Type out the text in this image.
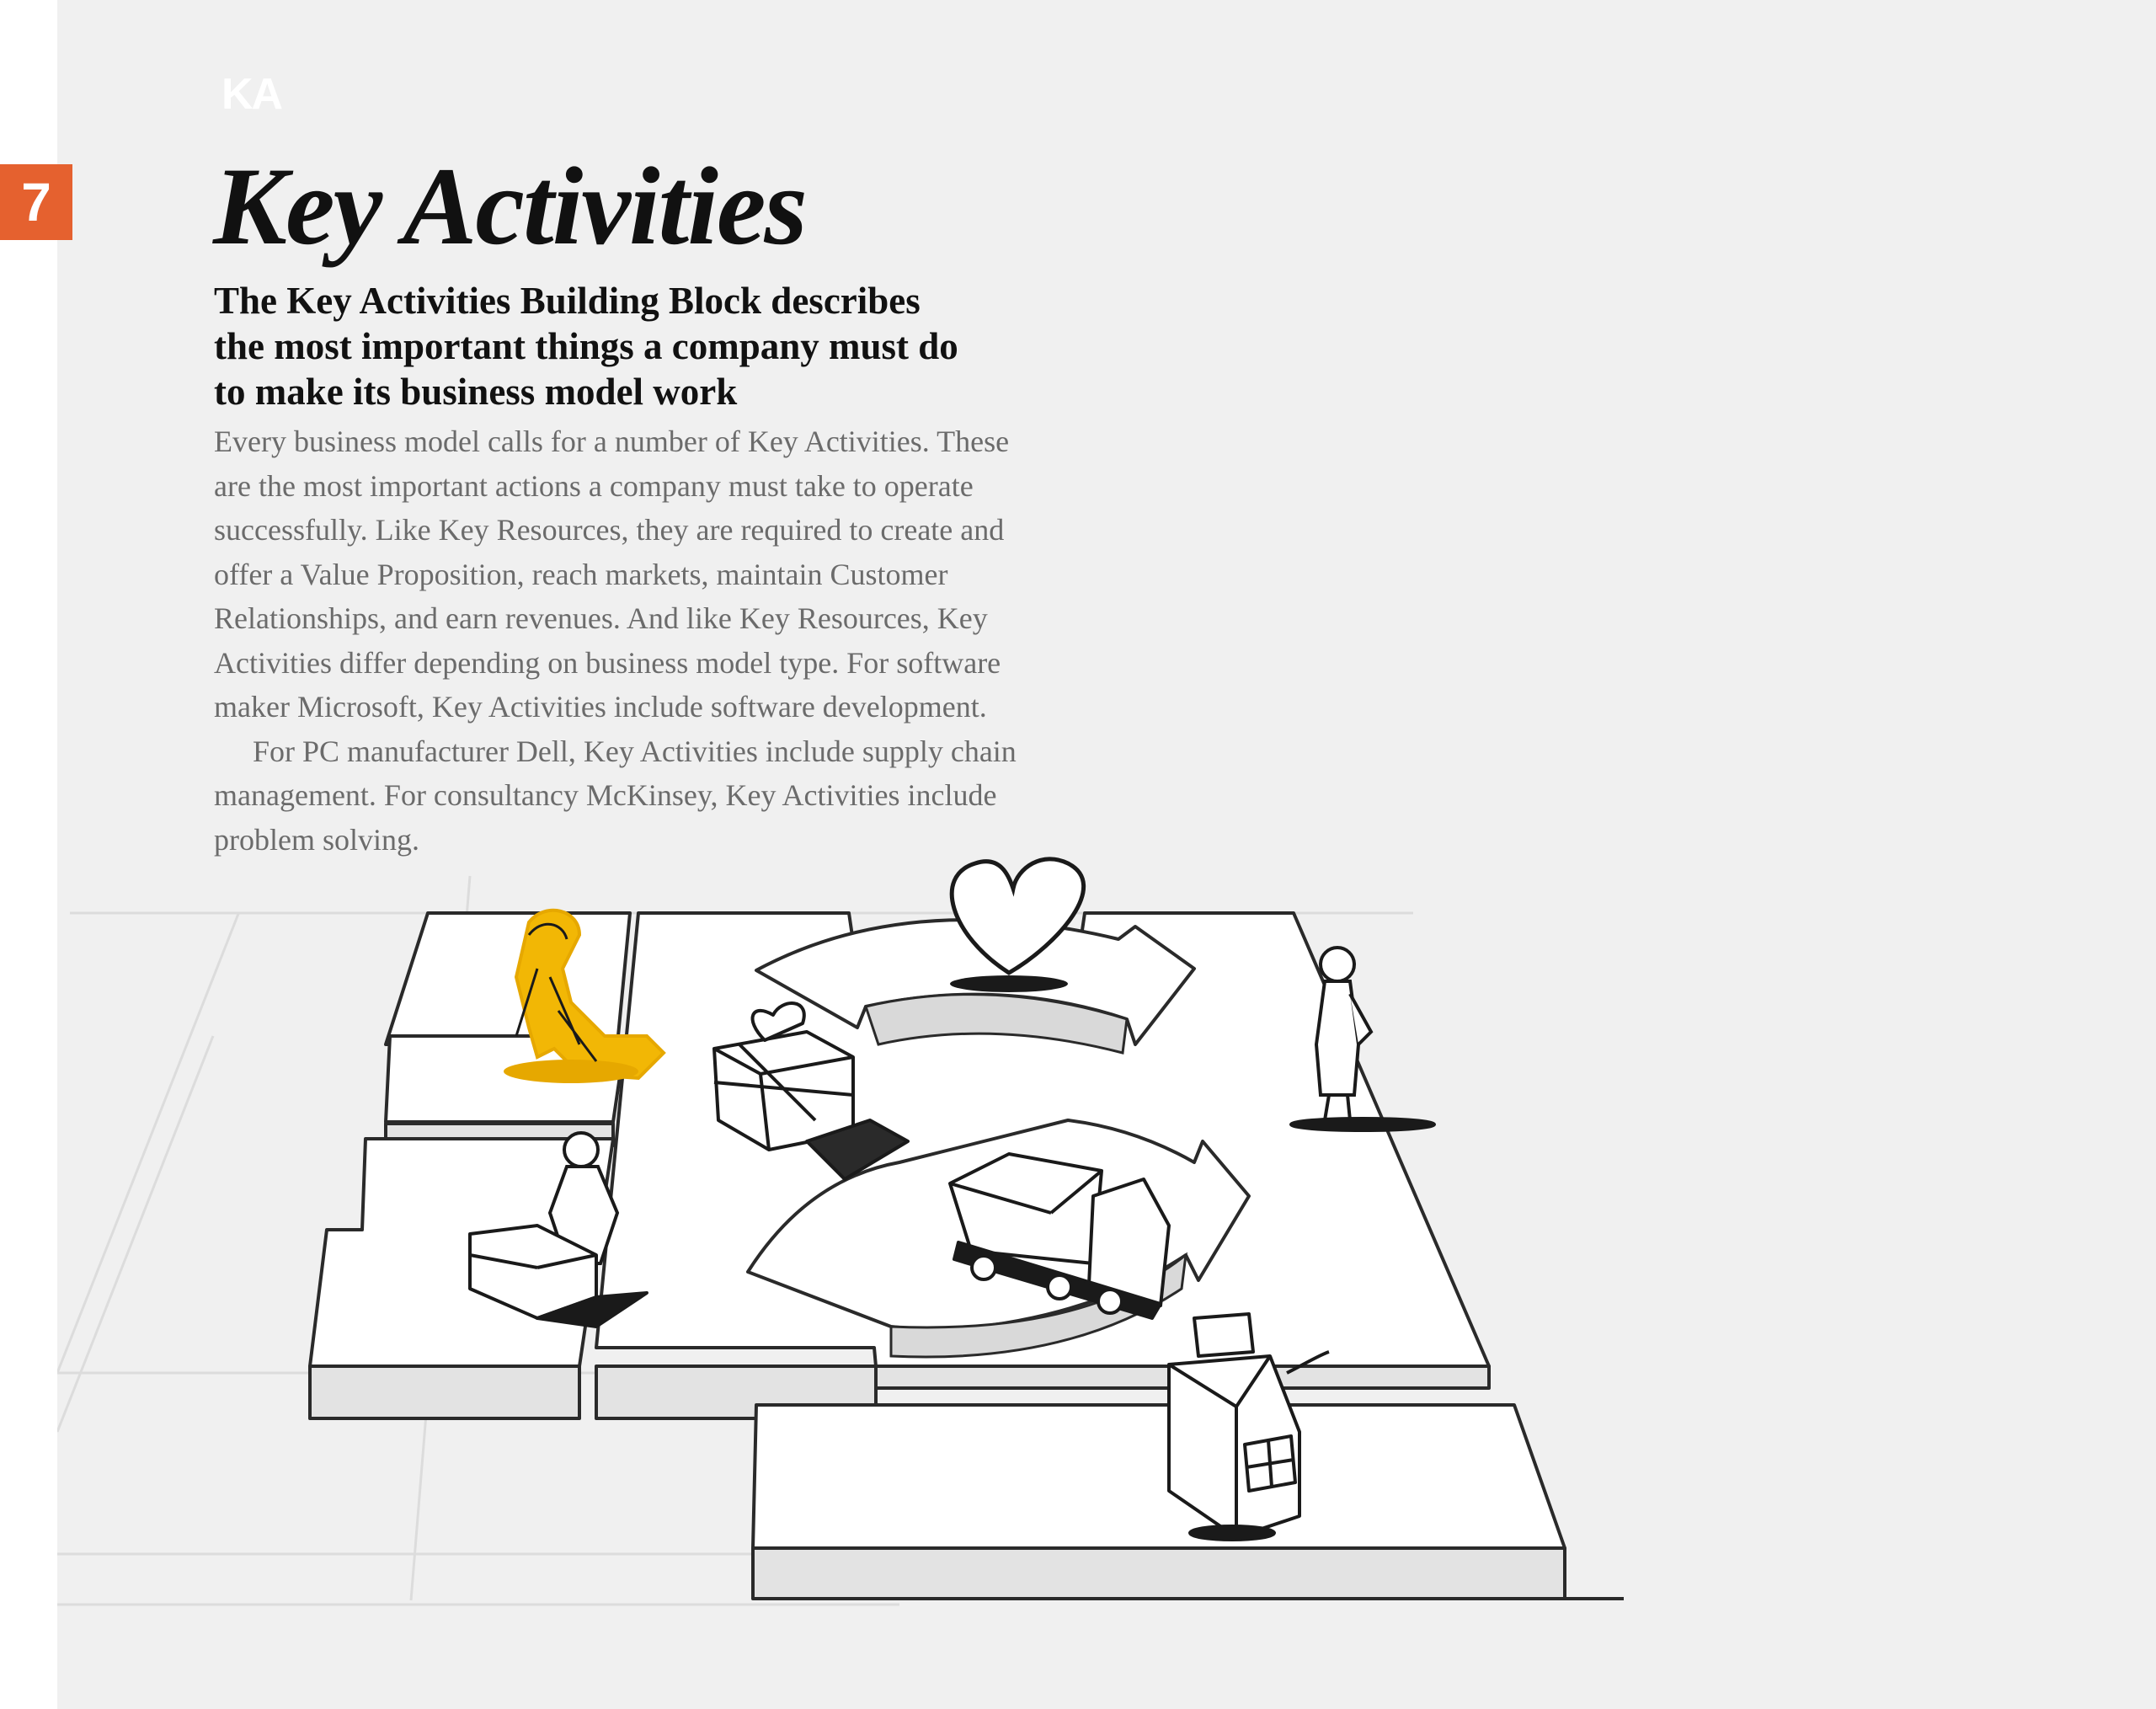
KA
Key Activities
The Key Activities Building Block describes
the most important things a company must do
to make its business model work
Every business model calls for a number of Key Activities. These
are the most important actions a company must take to operate
successfully. Like Key Resources, they are required to create and
offer a Value Proposition, reach markets, maintain Customer
Relationships, and earn revenues. And like Key Resources, Key
Activities differ depending on business model type. For software
maker Microsoft, Key Activities include software development.
For PC manufacturer Dell, Key Activities include supply chain
management. For consultancy McKinsey, Key Activities include
problem solving.
7
